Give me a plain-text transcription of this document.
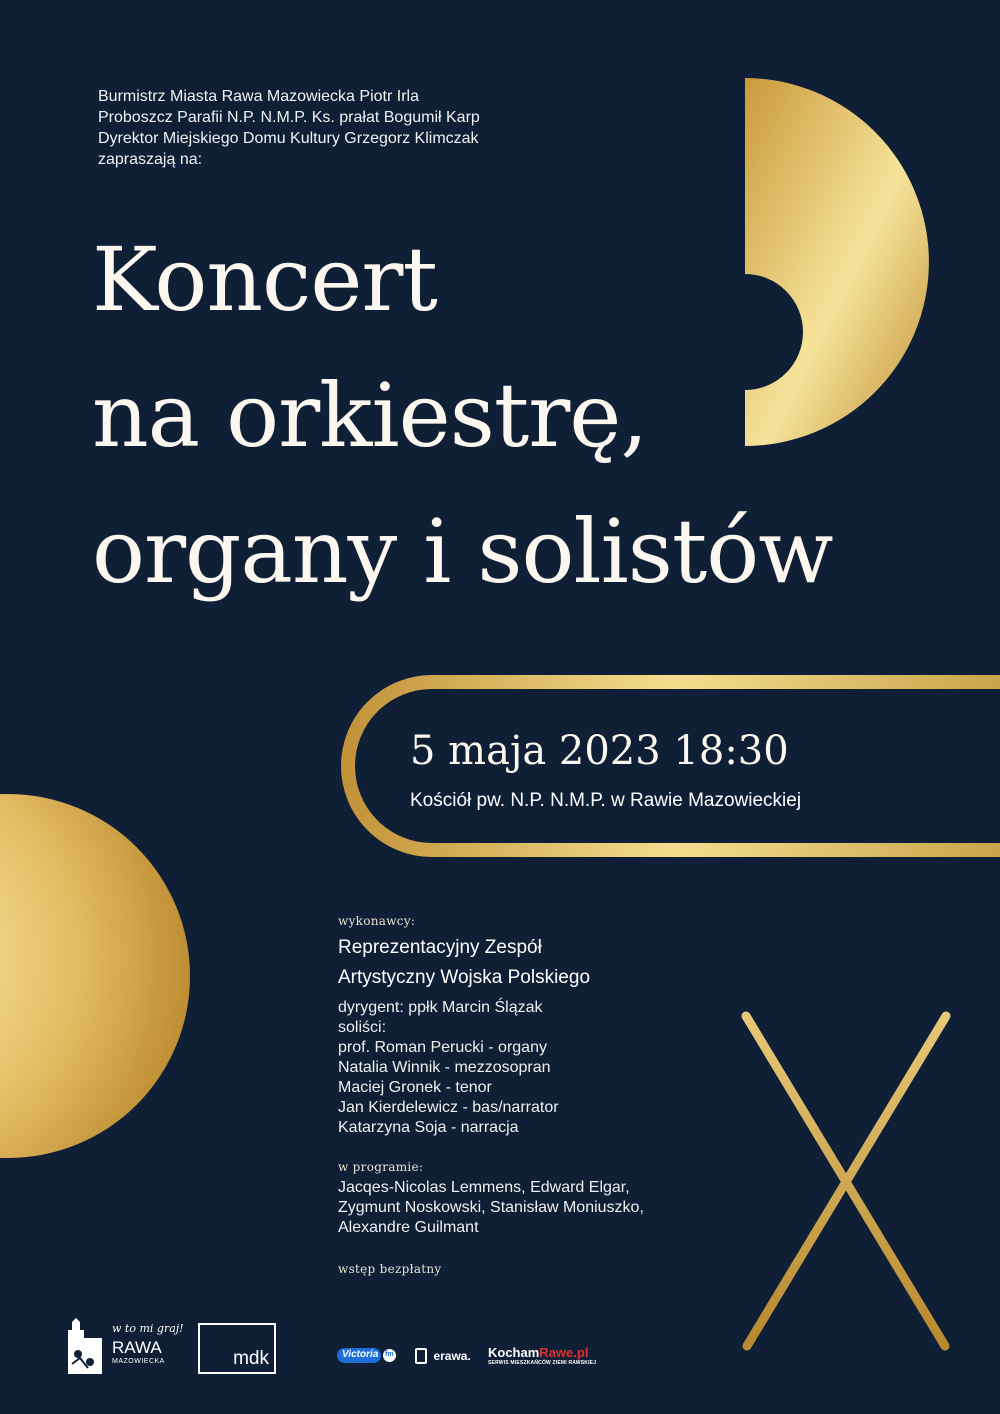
Burmistrz Miasta Rawa Mazowiecka Piotr Irla
Proboszcz Parafii N.P. N.M.P. Ks. prałat Bogumił Karp
Dyrektor Miejskiego Domu Kultury Grzegorz Klimczak
zapraszają na:
Koncert
na orkiestrę,
organy i solistów
5 maja 2023 18:30
Kościół pw. N.P. N.M.P. w Rawie Mazowieckiej
wykonawcy:
Reprezentacyjny Zespół
Artystyczny Wojska Polskiego
dyrygent: ppłk Marcin Ślązak
soliści:
prof. Roman Perucki - organy
Natalia Winnik - mezzosopran
Maciej Gronek - tenor
Jan Kierdelewicz - bas/narrator
Katarzyna Soja - narracja
w programie:
Jacqes-Nicolas Lemmens, Edward Elgar,
Zygmunt Noskowski, Stanisław Moniuszko,
Alexandre Guilmant
wstęp bezpłatny
w to mi graj!
RAWA
MAZOWIECKA	mdk	Victoria fm	erawa. KochamRawe.pl
SERWIS MIESZKAŃCÓW ZIEMI RAWSKIEJ
